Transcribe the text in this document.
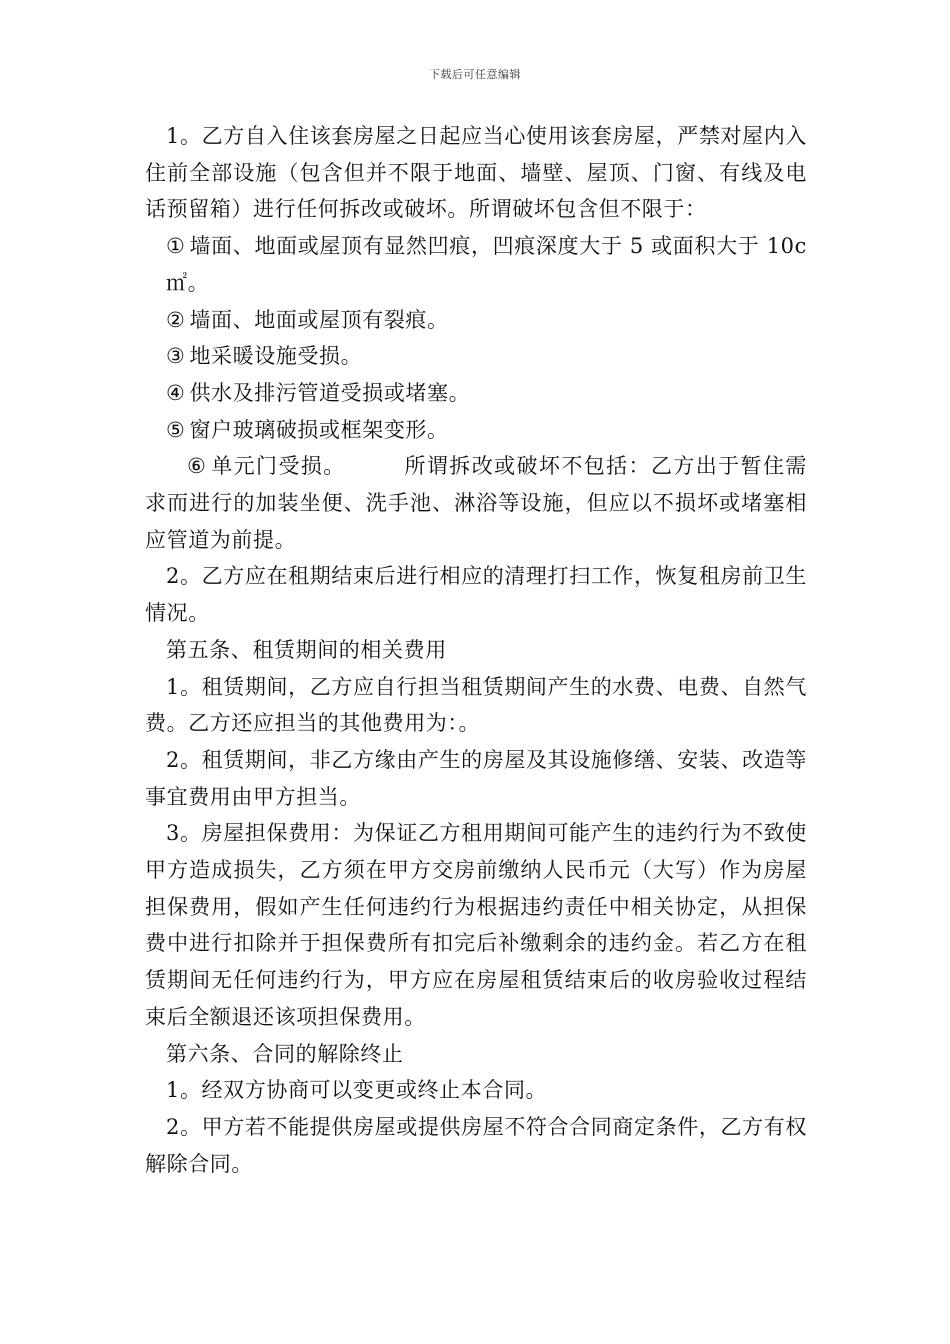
下载后可任意编辑

1。乙方自入住该套房屋之日起应当心使用该套房屋，严禁对屋内入住前全部设施（包含但并不限于地面、墙壁、屋顶、门窗、有线及电话预留箱）进行任何拆改或破坏。所谓破坏包含但不限于：

① 墙面、地面或屋顶有显然凹痕，凹痕深度大于 5 或面积大于 10c㎡。

② 墙面、地面或屋顶有裂痕。

③ 地采暖设施受损。

④ 供水及排污管道受损或堵塞。

⑤ 窗户玻璃破损或框架变形。

⑥ 单元门受损。	所谓拆改或破坏不包括：乙方出于暂住需求而进行的加装坐便、洗手池、淋浴等设施，但应以不损坏或堵塞相应管道为前提。

2。乙方应在租期结束后进行相应的清理打扫工作，恢复租房前卫生情况。

第五条、租赁期间的相关费用

1。租赁期间，乙方应自行担当租赁期间产生的水费、电费、自然气费。乙方还应担当的其他费用为：。

2。租赁期间，非乙方缘由产生的房屋及其设施修缮、安装、改造等事宜费用由甲方担当。

3。房屋担保费用：为保证乙方租用期间可能产生的违约行为不致使甲方造成损失，乙方须在甲方交房前缴纳人民币元（大写）作为房屋担保费用，假如产生任何违约行为根据违约责任中相关协定，从担保费中进行扣除并于担保费所有扣完后补缴剩余的违约金。若乙方在租赁期间无任何违约行为，甲方应在房屋租赁结束后的收房验收过程结束后全额退还该项担保费用。

第六条、合同的解除终止

1。经双方协商可以变更或终止本合同。

2。甲方若不能提供房屋或提供房屋不符合合同商定条件，乙方有权解除合同。
